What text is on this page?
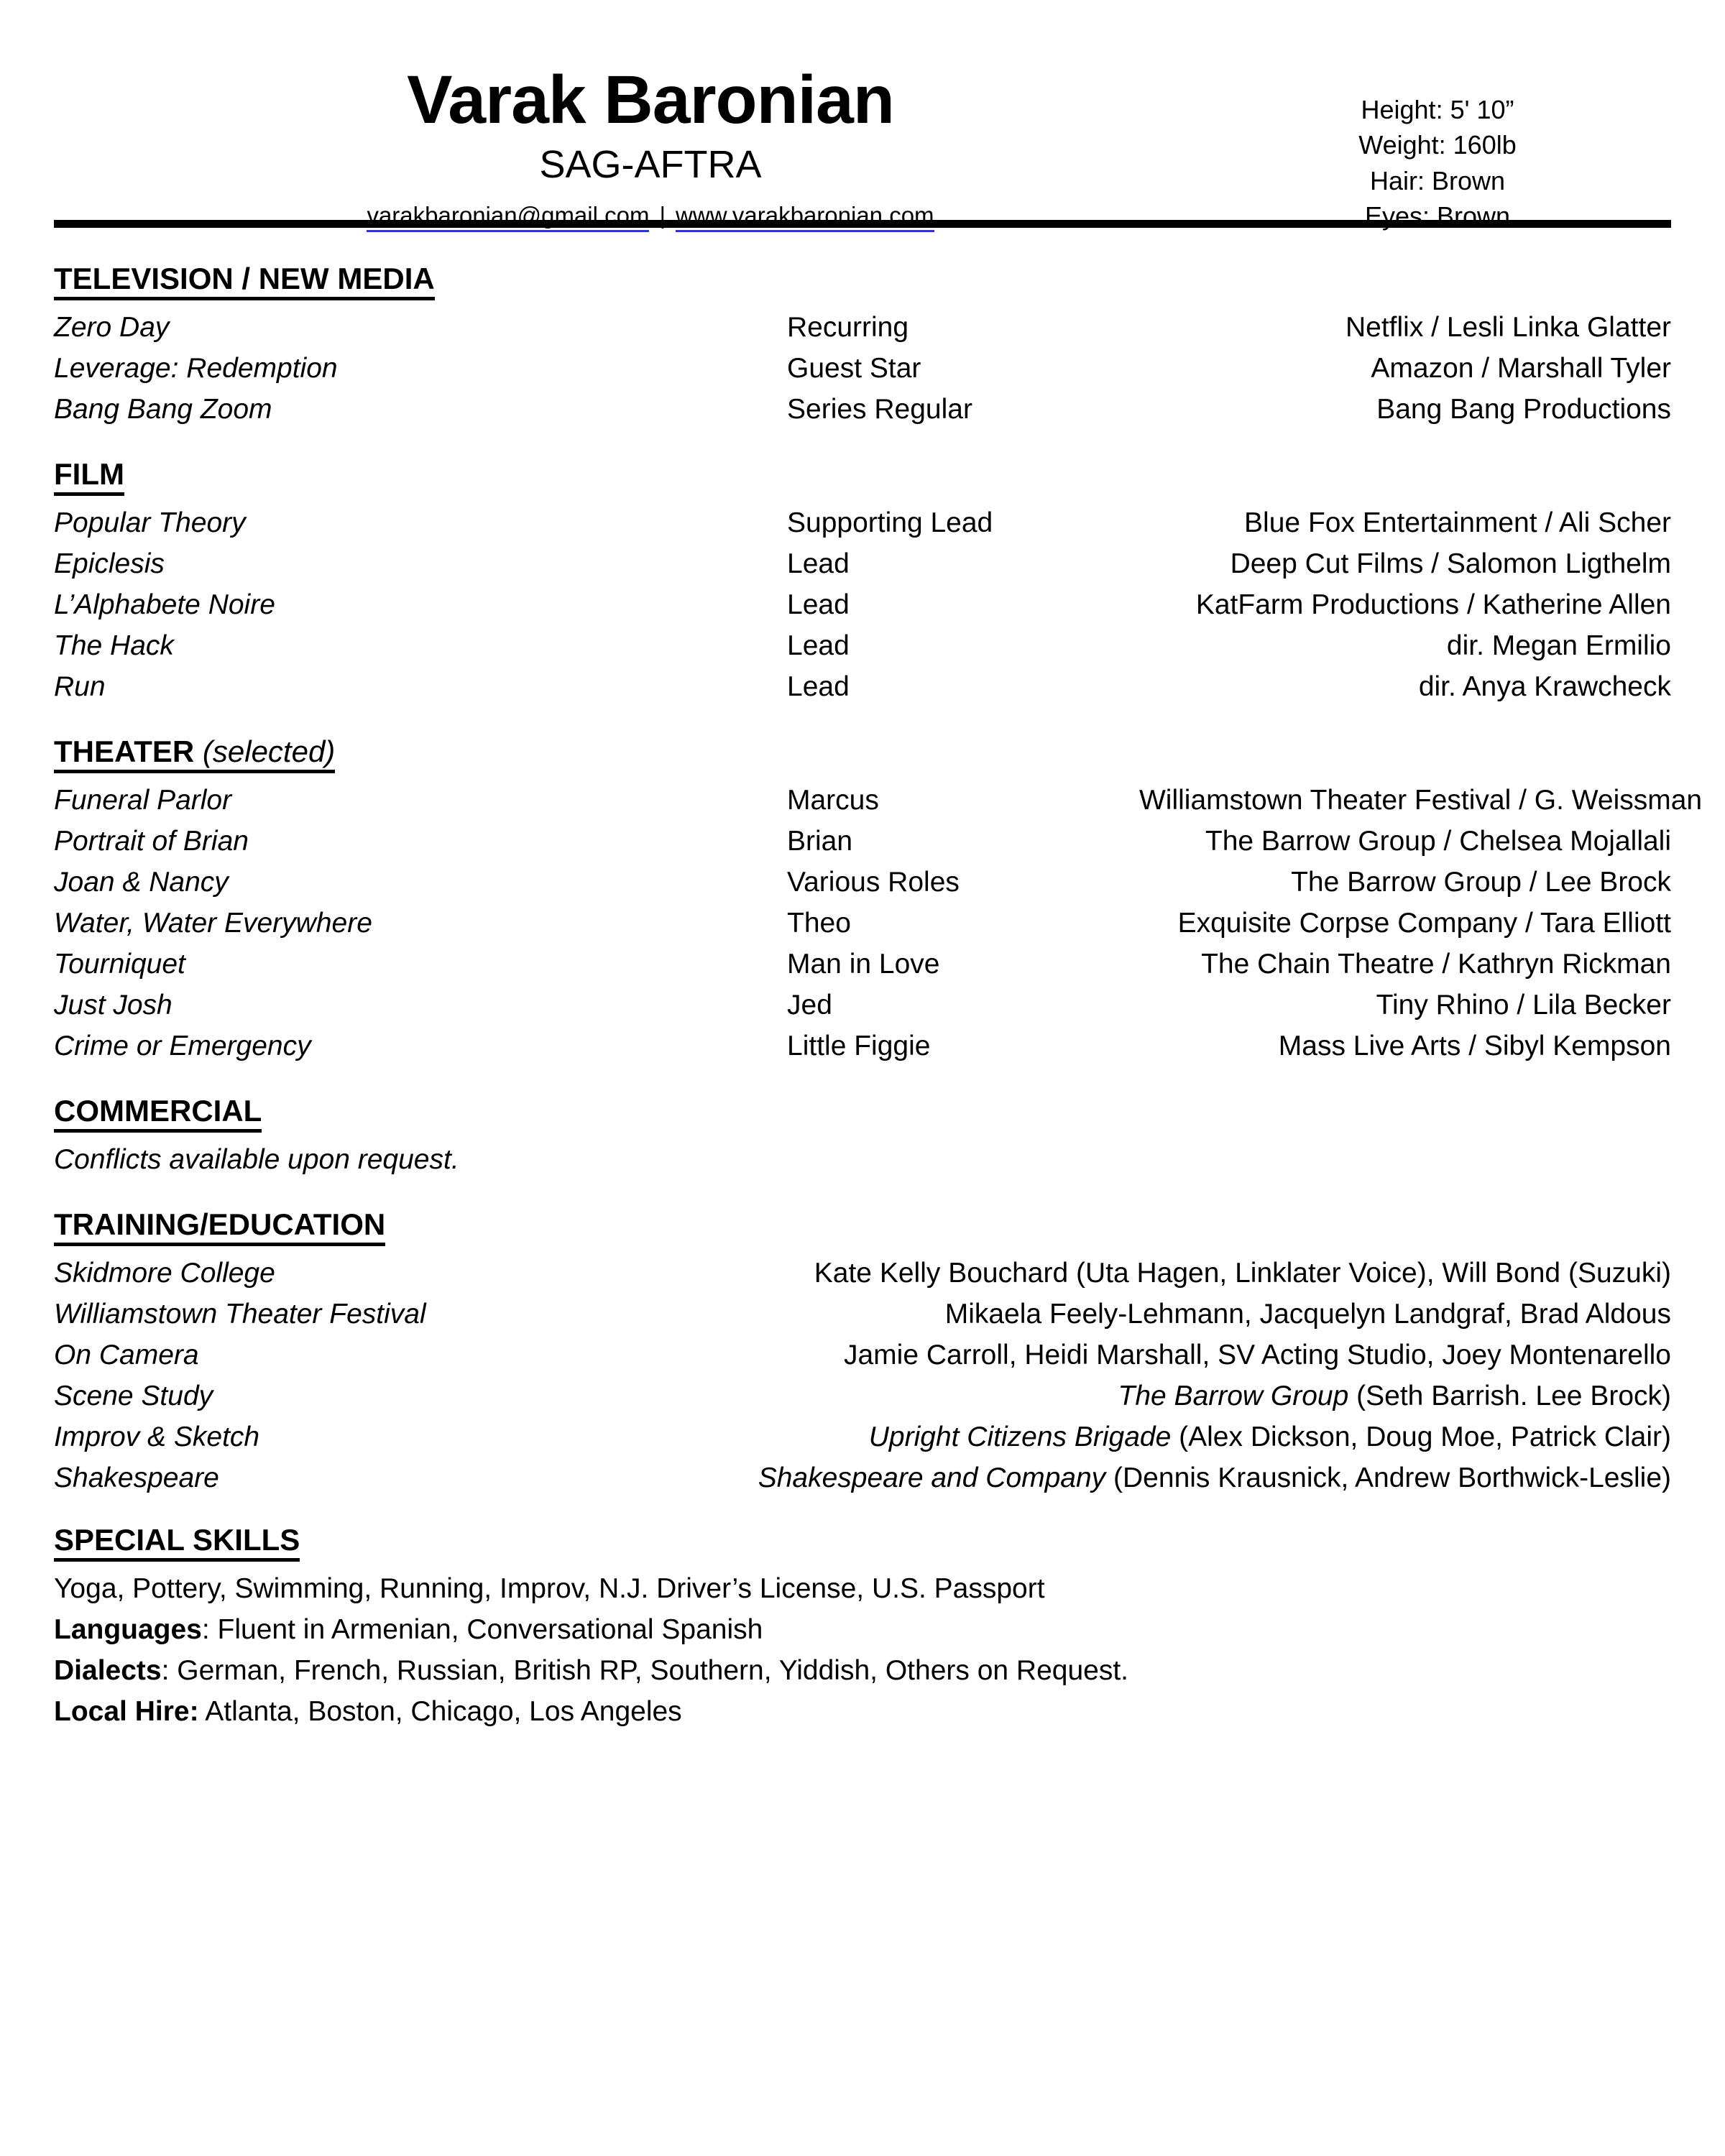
Varak Baronian
SAG-AFTRA
varakbaronian@gmail.com | www.varakbaronian.com
Height: 5' 10”
Weight: 160lb
Hair: Brown
Eyes: Brown
TELEVISION / NEW MEDIA
Zero Day	Recurring	Netflix / Lesli Linka Glatter
Leverage: Redemption	Guest Star	Amazon / Marshall Tyler
Bang Bang Zoom	Series Regular	Bang Bang Productions
FILM
Popular Theory	Supporting Lead	Blue Fox Entertainment / Ali Scher
Epiclesis	Lead	Deep Cut Films / Salomon Ligthelm
L’Alphabete Noire	Lead	KatFarm Productions / Katherine Allen
The Hack	Lead	dir. Megan Ermilio
Run	Lead	dir. Anya Krawcheck
THEATER (selected)
Funeral Parlor	Marcus	Williamstown Theater Festival / G. Weissman
Portrait of Brian	Brian	The Barrow Group / Chelsea Mojallali
Joan & Nancy	Various Roles	The Barrow Group / Lee Brock
Water, Water Everywhere	Theo	Exquisite Corpse Company / Tara Elliott
Tourniquet	Man in Love	The Chain Theatre / Kathryn Rickman
Just Josh	Jed	Tiny Rhino / Lila Becker
Crime or Emergency	Little Figgie	Mass Live Arts / Sibyl Kempson
COMMERCIAL
Conflicts available upon request.
TRAINING/EDUCATION
Skidmore College	Kate Kelly Bouchard (Uta Hagen, Linklater Voice), Will Bond (Suzuki)
Williamstown Theater Festival	Mikaela Feely-Lehmann, Jacquelyn Landgraf, Brad Aldous
On Camera	Jamie Carroll, Heidi Marshall, SV Acting Studio, Joey Montenarello
Scene Study	The Barrow Group (Seth Barrish. Lee Brock)
Improv & Sketch	Upright Citizens Brigade (Alex Dickson, Doug Moe, Patrick Clair)
Shakespeare	Shakespeare and Company (Dennis Krausnick, Andrew Borthwick-Leslie)
SPECIAL SKILLS
Yoga, Pottery, Swimming, Running, Improv, N.J. Driver’s License, U.S. Passport
Languages: Fluent in Armenian, Conversational Spanish
Dialects: German, French, Russian, British RP, Southern, Yiddish, Others on Request.
Local Hire: Atlanta, Boston, Chicago, Los Angeles
